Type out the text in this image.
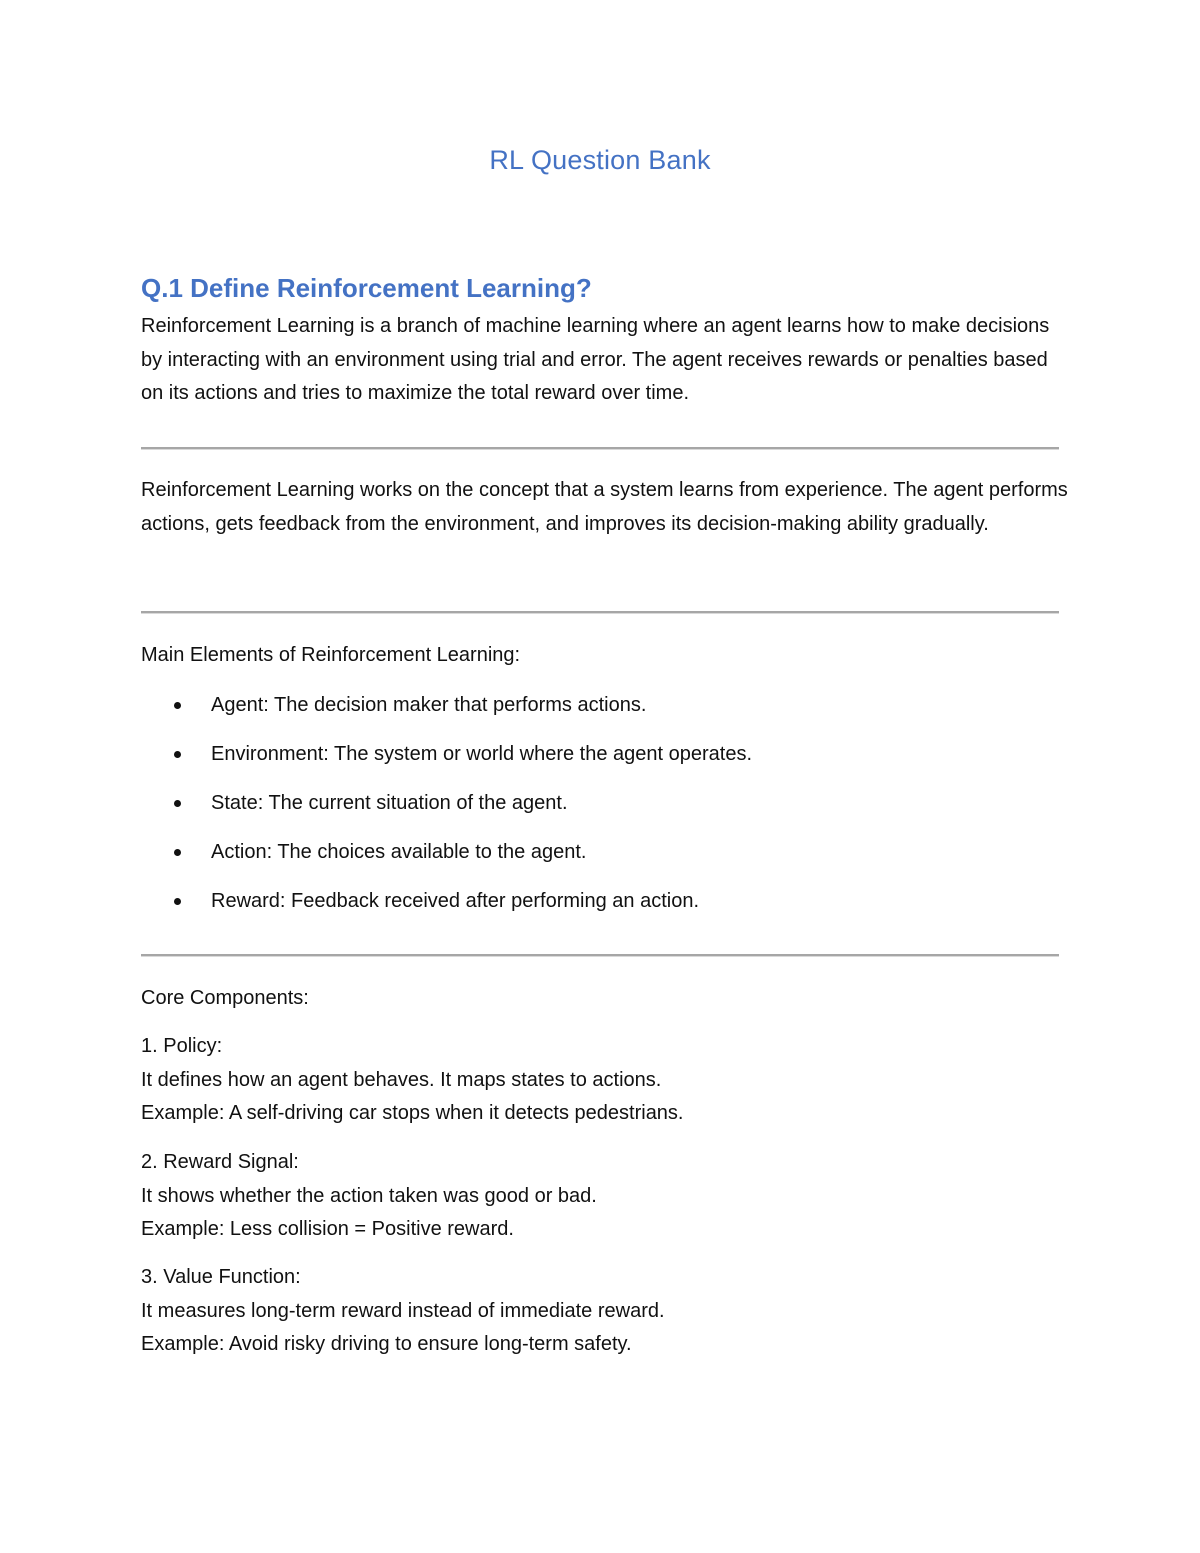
RL Question Bank
Q.1 Define Reinforcement Learning?
Reinforcement Learning is a branch of machine learning where an agent learns how to make decisions by interacting with an environment using trial and error. The agent receives rewards or penalties based on its actions and tries to maximize the total reward over time.
Reinforcement Learning works on the concept that a system learns from experience. The agent performs actions, gets feedback from the environment, and improves its decision-making ability gradually.
Main Elements of Reinforcement Learning:
Agent: The decision maker that performs actions.
Environment: The system or world where the agent operates.
State: The current situation of the agent.
Action: The choices available to the agent.
Reward: Feedback received after performing an action.
Core Components:
1. Policy:
It defines how an agent behaves. It maps states to actions.
Example: A self-driving car stops when it detects pedestrians.
2. Reward Signal:
It shows whether the action taken was good or bad.
Example: Less collision = Positive reward.
3. Value Function:
It measures long-term reward instead of immediate reward.
Example: Avoid risky driving to ensure long-term safety.
